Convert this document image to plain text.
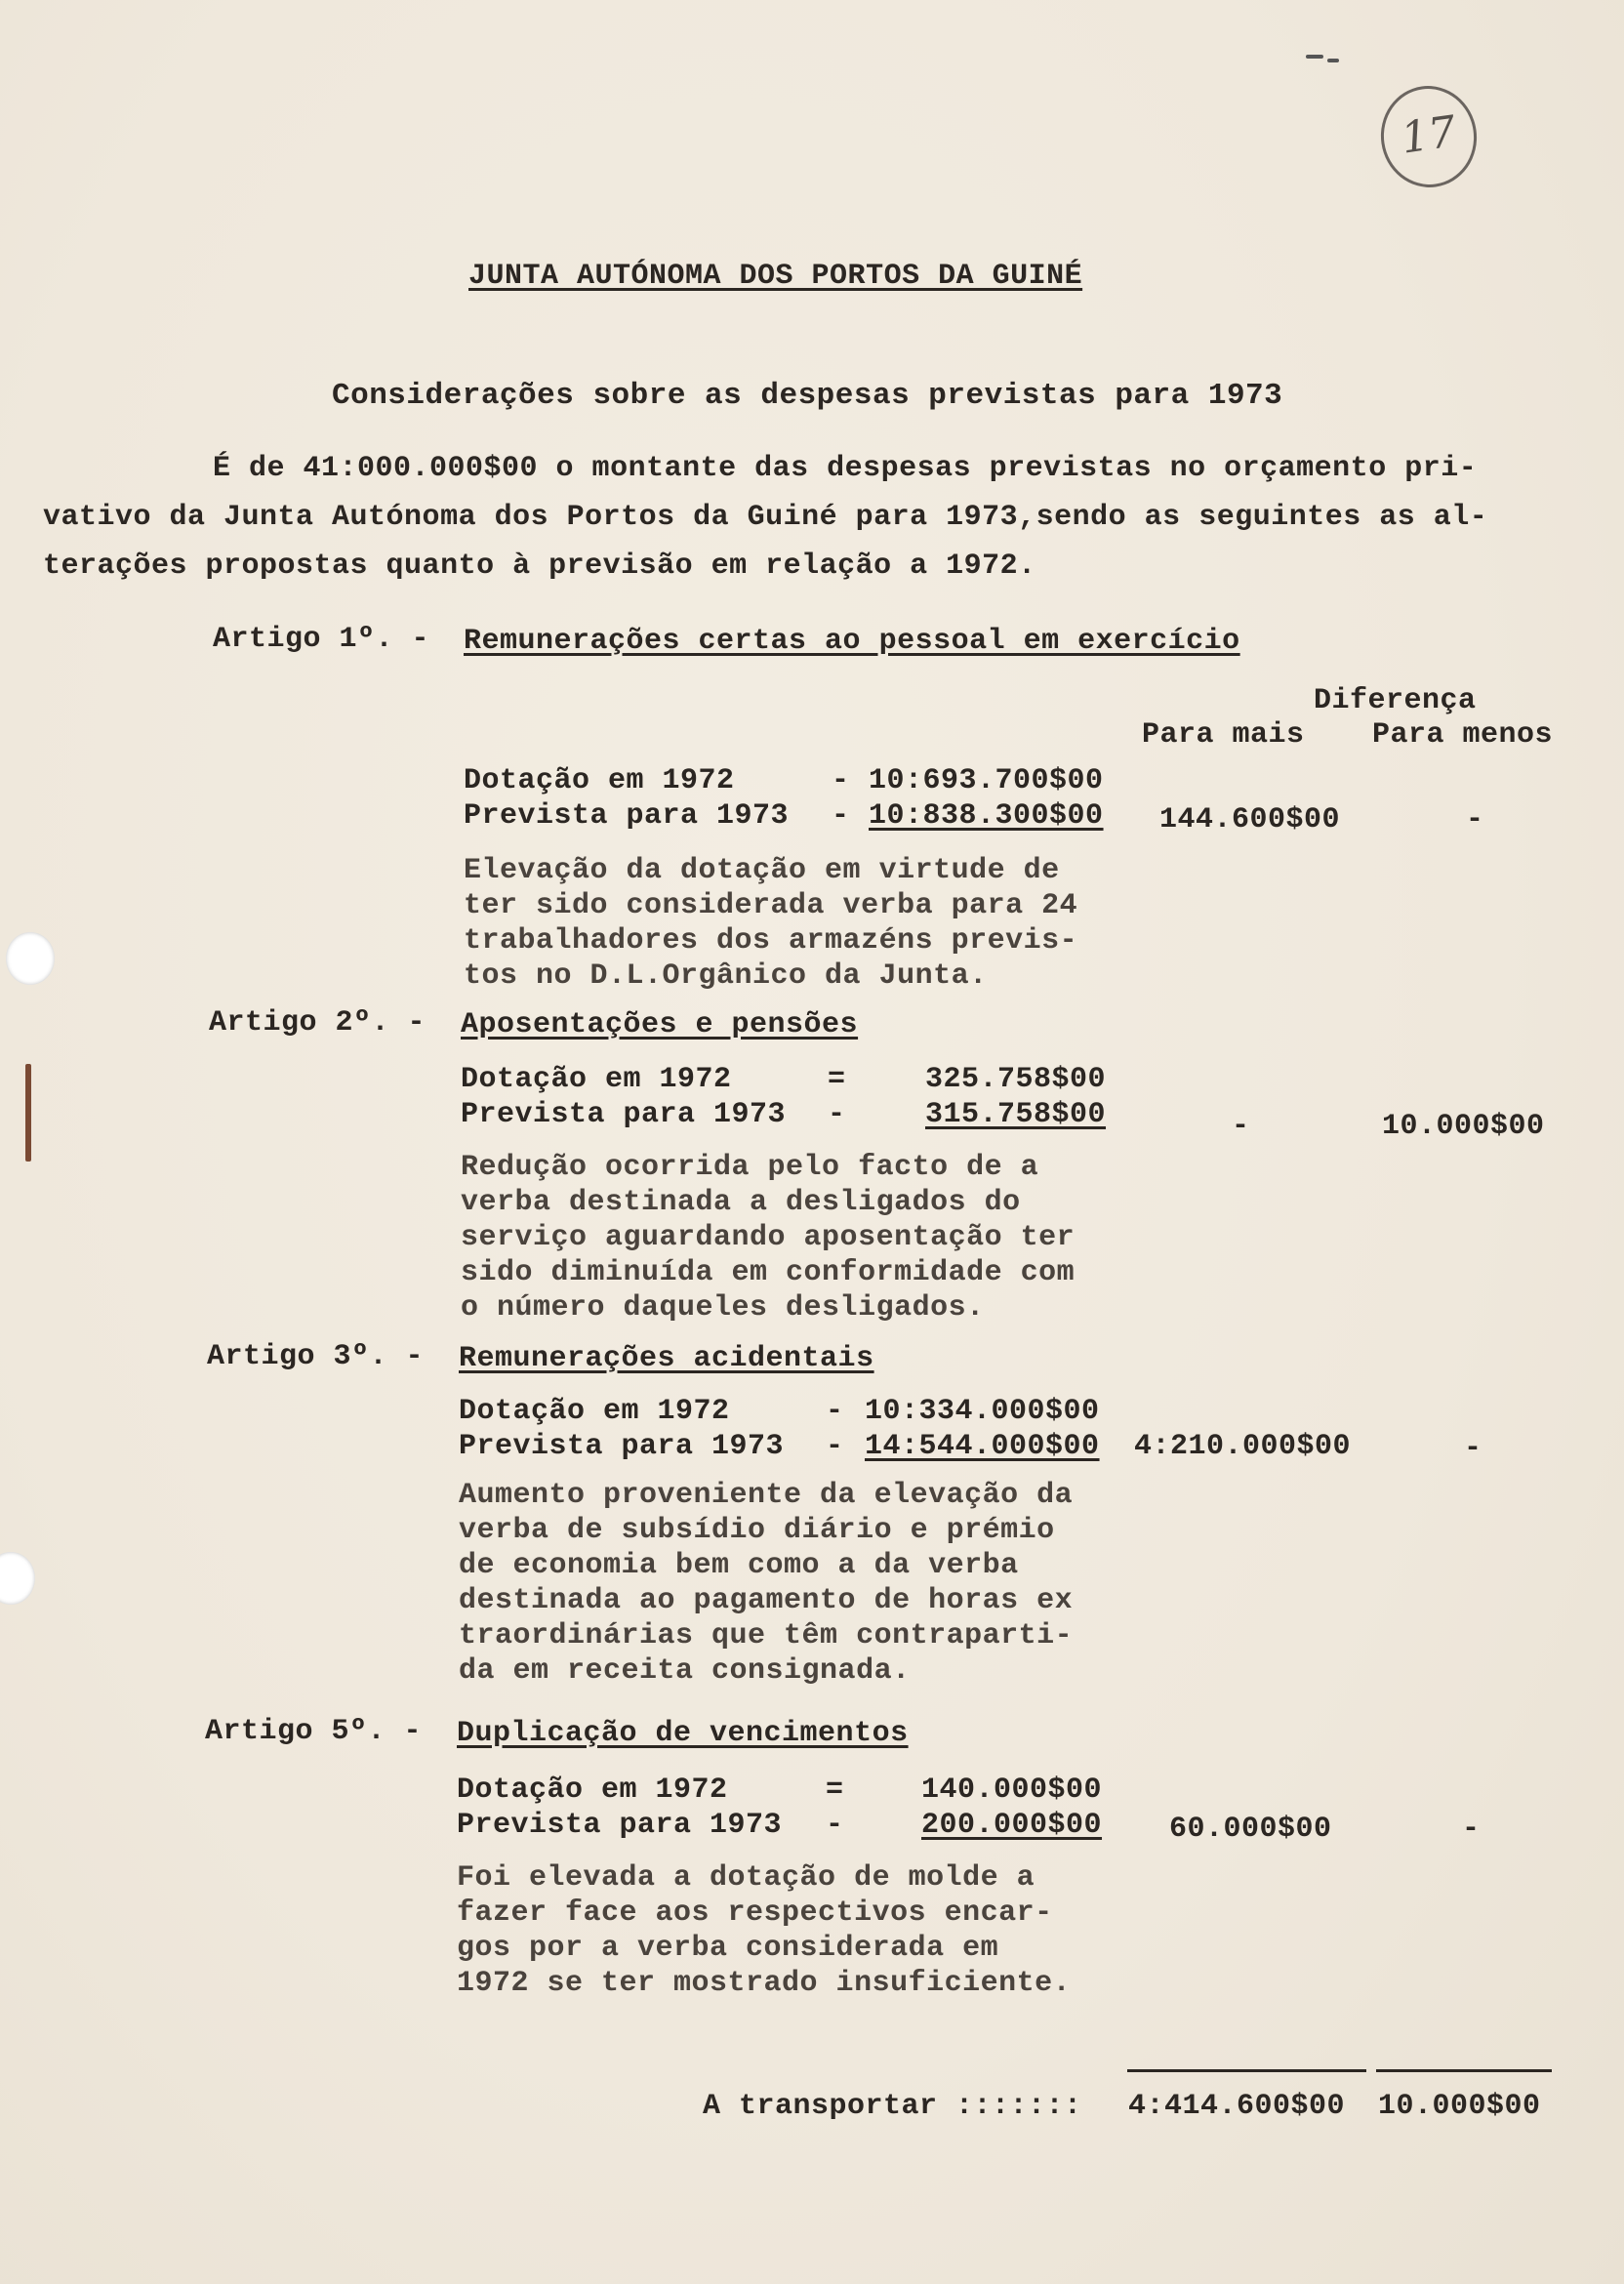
17
JUNTA AUTÓNOMA DOS PORTOS DA GUINÉ
Considerações sobre as despesas previstas para 1973
É de 41:000.000$00 o montante das despesas previstas no orçamento pri-
vativo da Junta Autónoma dos Portos da Guiné para 1973,sendo as seguintes as al-
terações propostas quanto à previsão em relação a 1972.
Artigo 1º. - Remunerações certas ao pessoal em exercício
Diferença
Para mais Para menos
Dotação em 1972	- 10:693.700$00
Prevista para 1973 - 10:838.300$00 144.600$00	-
Elevação da dotação em virtude de
ter sido considerada verba para 24
trabalhadores dos armazéns previs-
tos no D.L.Orgânico da Junta.
Artigo 2º. - Aposentações e pensões
Dotação em 1972	=	325.758$00
Prevista para 1973 -	315.758$00	-	10.000$00
Redução ocorrida pelo facto de a
verba destinada a desligados do
serviço aguardando aposentação ter
sido diminuída em conformidade com
o número daqueles desligados.
Artigo 3º. - Remunerações acidentais
Dotação em 1972	- 10:334.000$00
Prevista para 1973 - 14:544.000$00 4:210.000$00	-
Aumento proveniente da elevação da
verba de subsídio diário e prémio
de economia bem como a da verba
destinada ao pagamento de horas ex
traordinárias que têm contraparti-
da em receita consignada.
Artigo 5º. - Duplicação de vencimentos
Dotação em 1972	=	140.000$00
Prevista para 1973 -	200.000$00 60.000$00	-
Foi elevada a dotação de molde a
fazer face aos respectivos encar-
gos por a verba considerada em
1972 se ter mostrado insuficiente.
A transportar ::::::: 4:414.600$00 10.000$00
